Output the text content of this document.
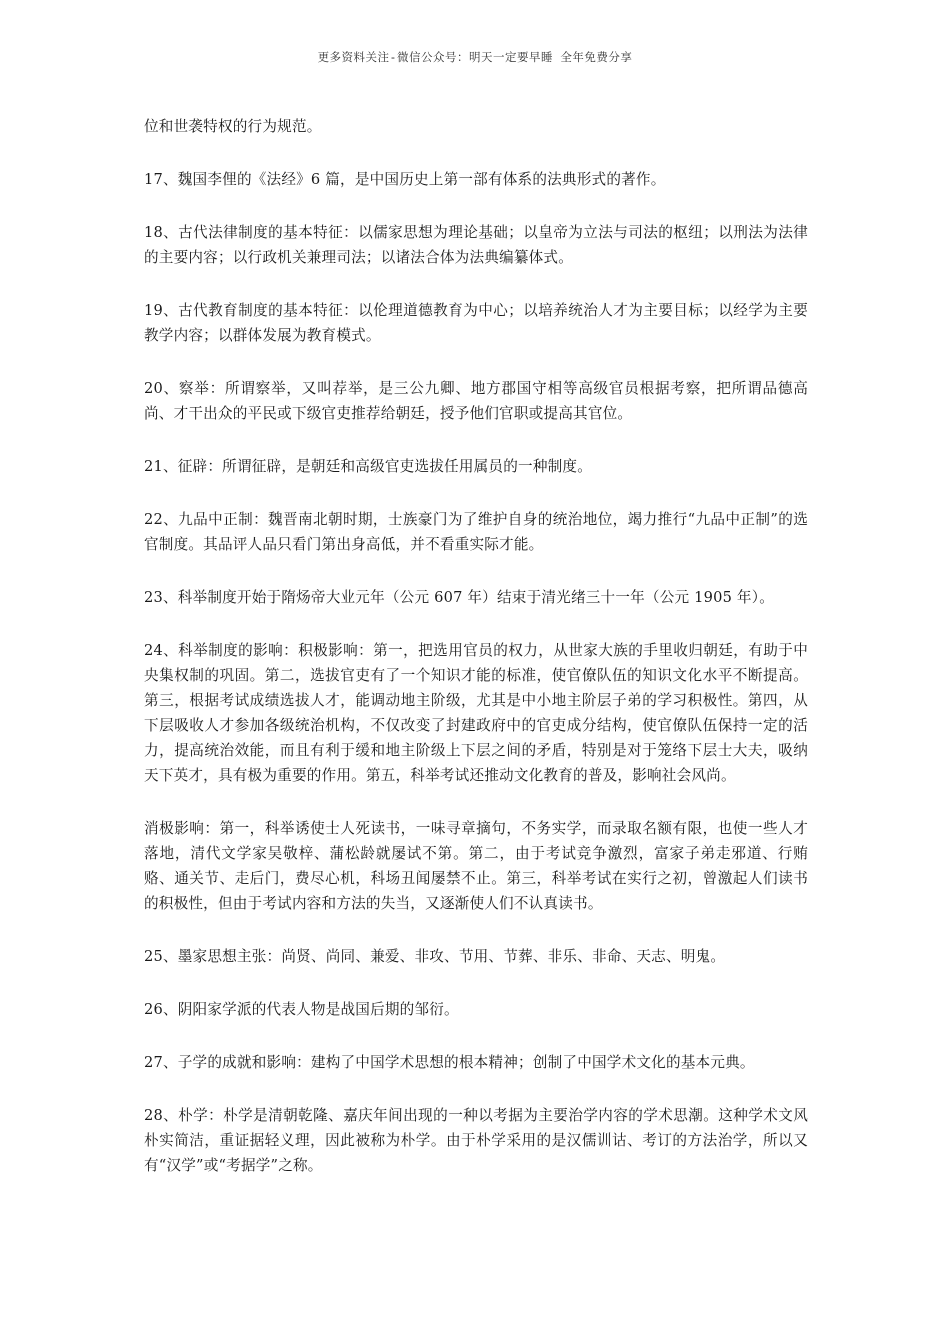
更多资料关注-微信公众号：明天一定要早睡 全年免费分享

位和世袭特权的行为规范。

17、魏国李俚的《法经》6 篇，是中国历史上第一部有体系的法典形式的著作。

18、古代法律制度的基本特征：以儒家思想为理论基础；以皇帝为立法与司法的枢纽；以刑法为法律的主要内容；以行政机关兼理司法；以诸法合体为法典编纂体式。

19、古代教育制度的基本特征：以伦理道德教育为中心；以培养统治人才为主要目标；以经学为主要教学内容；以群体发展为教育模式。

20、察举：所谓察举，又叫荐举，是三公九卿、地方郡国守相等高级官员根据考察，把所谓品德高尚、才干出众的平民或下级官吏推荐给朝廷，授予他们官职或提高其官位。

21、征辟：所谓征辟，是朝廷和高级官吏选拔任用属员的一种制度。

22、九品中正制：魏晋南北朝时期，士族豪门为了维护自身的统治地位，竭力推行“九品中正制”的选官制度。其品评人品只看门第出身高低，并不看重实际才能。

23、科举制度开始于隋炀帝大业元年（公元 607 年）结束于清光绪三十一年（公元 1905 年）。

24、科举制度的影响：积极影响：第一，把选用官员的权力，从世家大族的手里收归朝廷，有助于中央集权制的巩固。第二，选拔官吏有了一个知识才能的标准，使官僚队伍的知识文化水平不断提高。第三，根据考试成绩选拔人才，能调动地主阶级，尤其是中小地主阶层子弟的学习积极性。第四，从下层吸收人才参加各级统治机构，不仅改变了封建政府中的官吏成分结构，使官僚队伍保持一定的活力，提高统治效能，而且有利于缓和地主阶级上下层之间的矛盾，特别是对于笼络下层士大夫，吸纳天下英才，具有极为重要的作用。第五，科举考试还推动文化教育的普及，影响社会风尚。

消极影响：第一，科举诱使士人死读书，一味寻章摘句，不务实学，而录取名额有限，也使一些人才落地，清代文学家吴敬梓、蒲松龄就屡试不第。第二，由于考试竞争激烈，富家子弟走邪道、行贿赂、通关节、走后门，费尽心机，科场丑闻屡禁不止。第三，科举考试在实行之初，曾激起人们读书的积极性，但由于考试内容和方法的失当，又逐渐使人们不认真读书。

25、墨家思想主张：尚贤、尚同、兼爱、非攻、节用、节葬、非乐、非命、天志、明鬼。

26、阴阳家学派的代表人物是战国后期的邹衍。

27、子学的成就和影响：建构了中国学术思想的根本精神；创制了中国学术文化的基本元典。

28、朴学：朴学是清朝乾隆、嘉庆年间出现的一种以考据为主要治学内容的学术思潮。这种学术文风朴实简洁，重证据轻义理，因此被称为朴学。由于朴学采用的是汉儒训诂、考订的方法治学，所以又有“汉学”或“考据学”之称。
